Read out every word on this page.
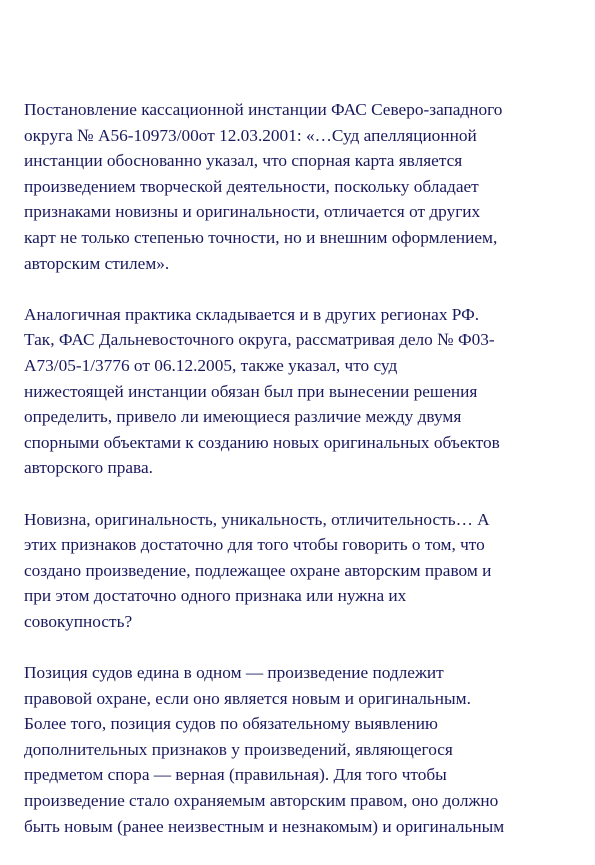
Постановление кассационной инстанции ФАС Северо-западного
округа № А56-10973/00от 12.03.2001: «…Суд апелляционной
инстанции обоснованно указал, что спорная карта является
произведением творческой деятельности, поскольку обладает
признаками новизны и оригинальности, отличается от других
карт не только степенью точности, но и внешним оформлением,
авторским стилем».

Аналогичная практика складывается и в других регионах РФ.
Так, ФАС Дальневосточного округа, рассматривая дело № Ф03-
А73/05-1/3776 от 06.12.2005, также указал, что суд
нижестоящей инстанции обязан был при вынесении решения
определить, привело ли имеющиеся различие между двумя
спорными объектами к созданию новых оригинальных объектов
авторского права.

Новизна, оригинальность, уникальность, отличительность… А
этих признаков достаточно для того чтобы говорить о том, что
создано произведение, подлежащее охране авторским правом и
при этом достаточно одного признака или нужна их
совокупность?

Позиция судов едина в одном — произведение подлежит
правовой охране, если оно является новым и оригинальным.
Более того, позиция судов по обязательному выявлению
дополнительных признаков у произведений, являющегося
предметом спора — верная (правильная). Для того чтобы
произведение стало охраняемым авторским правом, оно должно
быть новым (ранее неизвестным и незнакомым) и оригинальным
